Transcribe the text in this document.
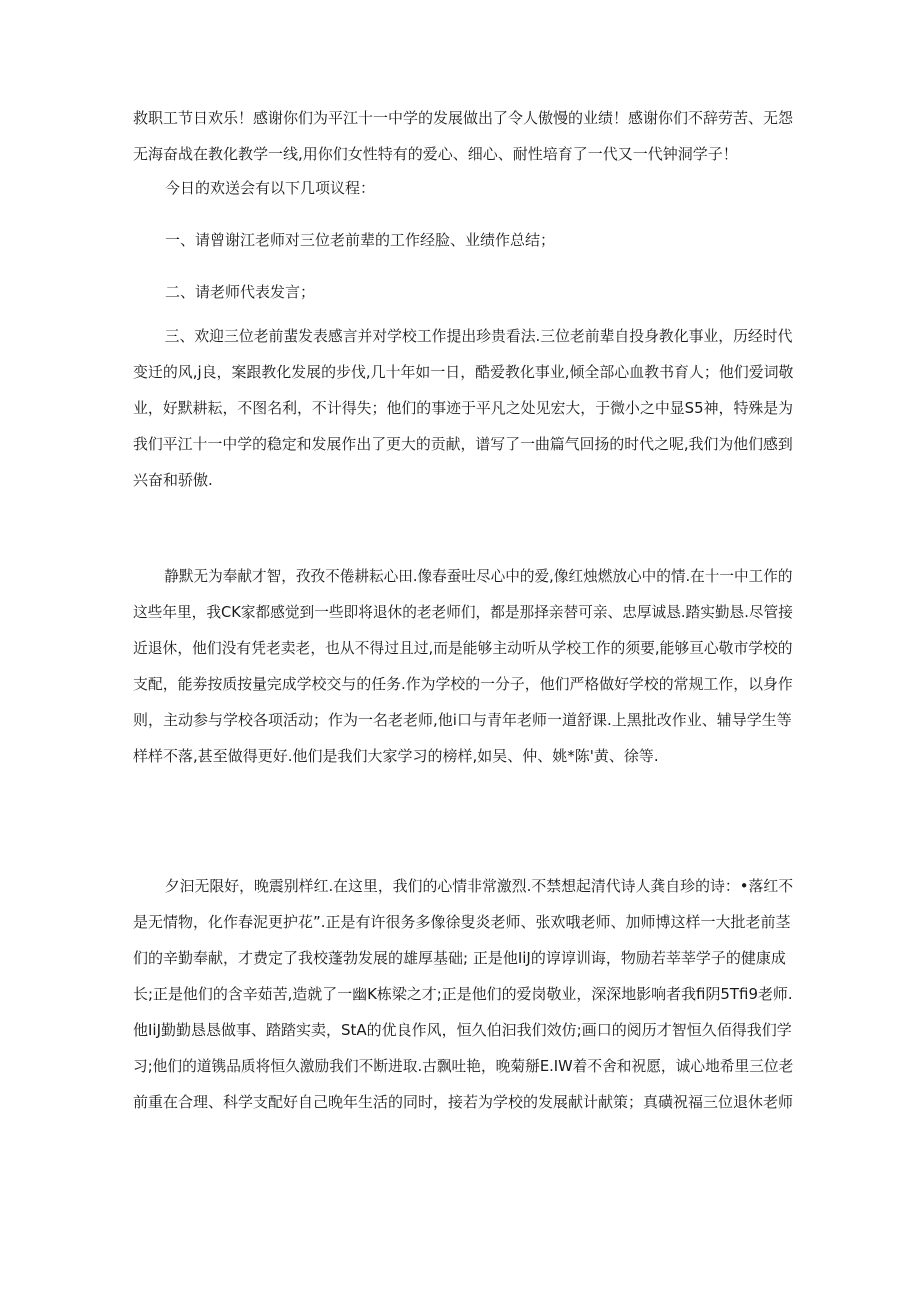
救职工节日欢乐！感谢你们为平江十一中学的发展做出了令人傲慢的业绩！感谢你们不辞劳苦、无怨
无海奋战在教化教学一线,用你们女性特有的爱心、细心、耐性培育了一代又一代钟洞学子！
今日的欢送会有以下几项议程：
一、请曾谢江老师对三位老前辈的工作经脸、业绩作总结；
二、请老师代表发言；
三、欢迎三位老前蜚发表感言并对学校工作提出珍贵看法.三位老前辈自投身教化事业，历经时代
变迁的风,j良，案跟教化发展的步伐,几十年如一日，酷爱教化事业,倾全部心血教书育人；他们爱词敬
业，好默耕耘，不图名利，不计得失；他们的事迹于平凡之处见宏大，于微小之中显S5神，特殊是为
我们平江十一中学的稳定和发展作出了更大的贡献，谱写了一曲篇气回扬的时代之呢,我们为他们感到
兴奋和骄傲.
静默无为奉献才智，孜孜不倦耕耘心田.像春蚕吐尽心中的爱,像红烛燃放心中的情.在十一中工作的
这些年里，我CK家都感觉到一些即将退休的老老师们，都是那择亲替可亲、忠厚诚恳.踏实勤恳.尽管接
近退休，他们没有凭老卖老，也从不得过且过,而是能够主动听从学校工作的须要,能够亘心敬市学校的
支配，能劵按质按量完成学校交与的任务.作为学校的一分子，他们严格做好学校的常规工作，以身作
则，主动参与学校各项活动；作为一名老老师,他i口与青年老师一道舒课.上黑批改作业、辅导学生等
样样不落,甚至做得更好.他们是我们大家学习的榜样,如吴、仲、姚*陈'黄、徐等.
夕汩无限好，晚震别样红.在这里，我们的心情非常激烈.不禁想起清代诗人龚自珍的诗：•落红不
是无情物，化作春泥更护花”.正是有许很务多像徐叟炎老师、张欢哦老师、加师博这样一大批老前茎
们的辛勤奉献，才费定了我校蓬勃发展的雄厚基础; 正是他IiJ的谆谆训诲，物励若莘莘学子的健康成
长;正是他们的含辛茹苦,造就了一幽K栋梁之才;正是他们的爱岗敬业，深深地影响者我fi阴5Tfi9老师.
他IiJ勤勤恳恳做事、踏踏实卖，StA的优良作风，恒久伯汩我们效仿;画口的阅历才智恒久佰得我们学
习;他们的道镌品质将恒久激励我们不断进取.古飘吐艳，晚菊掰E.IW着不舍和祝愿，诚心地希里三位老
前重在合理、科学支配好自己晚年生活的同时，接若为学校的发展献计献策；真磺祝福三位退休老师
